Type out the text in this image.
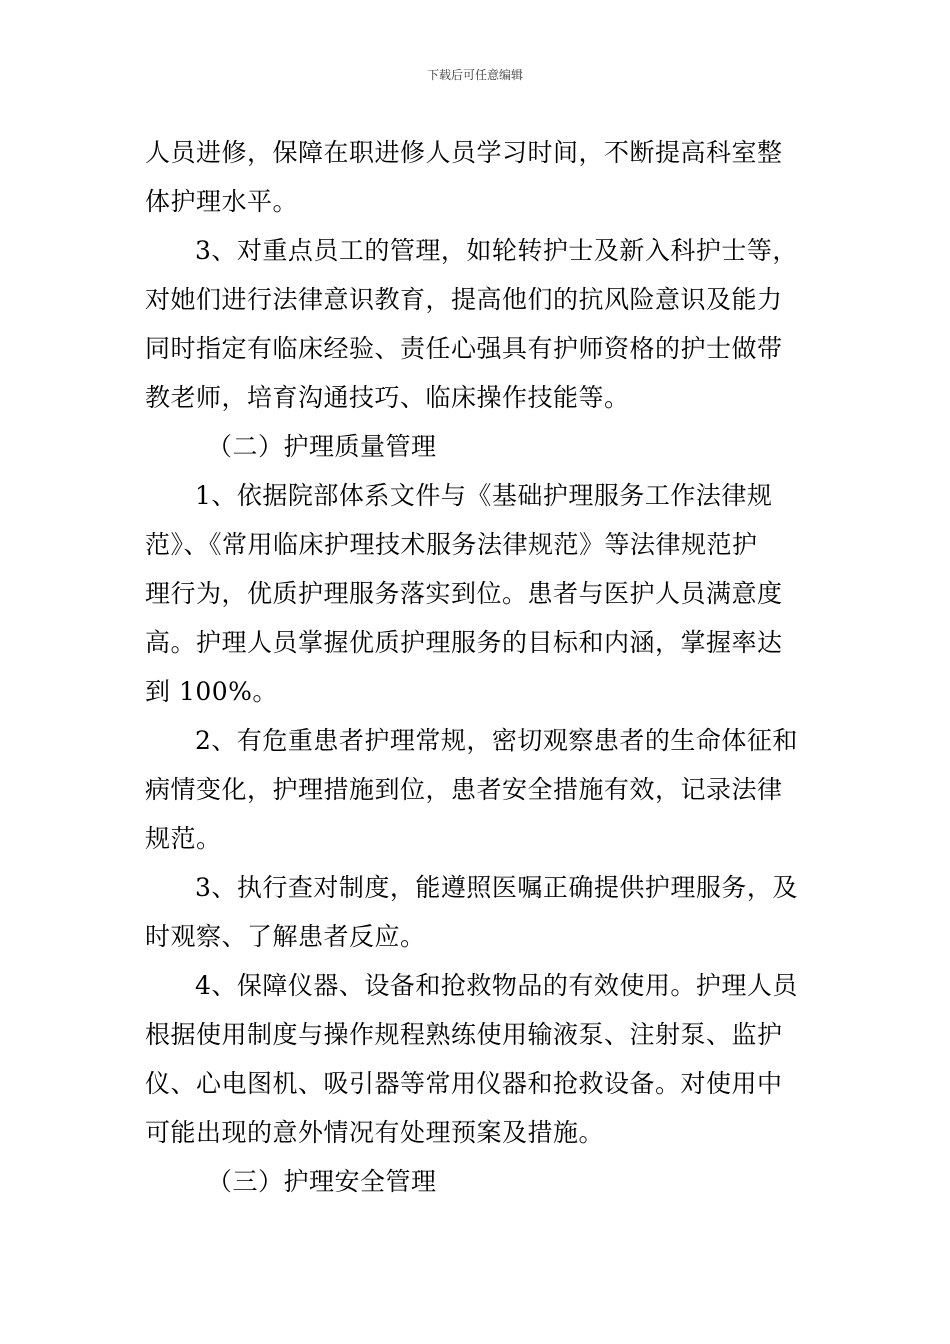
下载后可任意编辑
人员进修，保障在职进修人员学习时间，不断提高科室整
体护理水平。
3、对重点员工的管理，如轮转护士及新入科护士等，
对她们进行法律意识教育，提高他们的抗风险意识及能力
同时指定有临床经验、责任心强具有护师资格的护士做带
教老师，培育沟通技巧、临床操作技能等。
（二）护理质量管理
1、依据院部体系文件与《基础护理服务工作法律规
范》、《常用临床护理技术服务法律规范》等法律规范护
理行为，优质护理服务落实到位。患者与医护人员满意度
高。护理人员掌握优质护理服务的目标和内涵，掌握率达
到 100%。
2、有危重患者护理常规，密切观察患者的生命体征和
病情变化，护理措施到位，患者安全措施有效，记录法律
规范。
3、执行查对制度，能遵照医嘱正确提供护理服务，及
时观察、了解患者反应。
4、保障仪器、设备和抢救物品的有效使用。护理人员
根据使用制度与操作规程熟练使用输液泵、注射泵、监护
仪、心电图机、吸引器等常用仪器和抢救设备。对使用中
可能出现的意外情况有处理预案及措施。
（三）护理安全管理
